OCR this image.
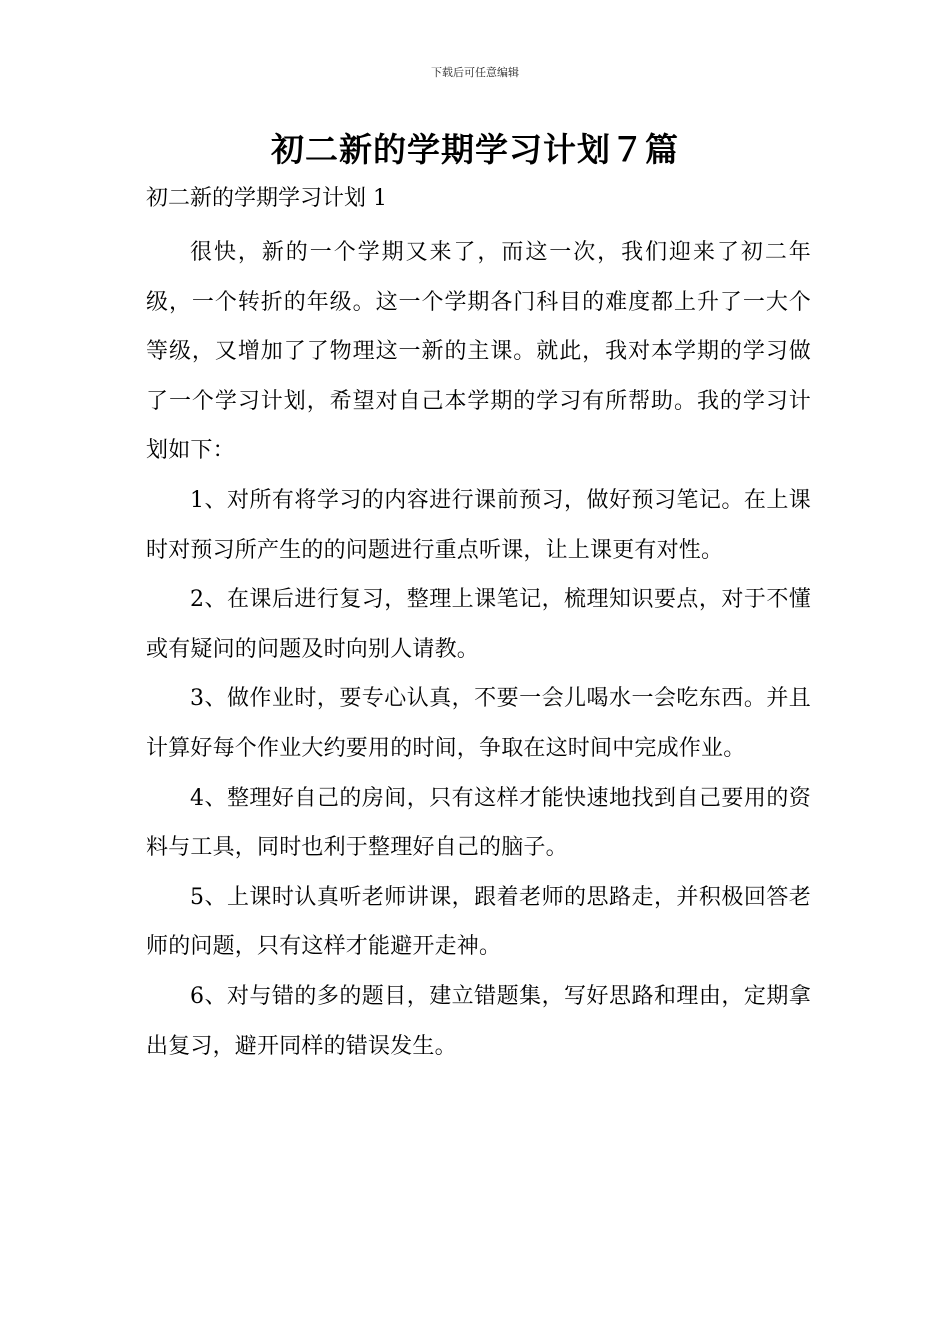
下载后可任意编辑
初二新的学期学习计划７篇
初二新的学期学习计划 1

很快，新的一个学期又来了，而这一次，我们迎来了初二年级，一个转折的年级。这一个学期各门科目的难度都上升了一大个等级，又增加了了物理这一新的主课。就此，我对本学期的学习做了一个学习计划，希望对自己本学期的学习有所帮助。我的学习计划如下：

1、对所有将学习的内容进行课前预习，做好预习笔记。在上课时对预习所产生的的问题进行重点听课，让上课更有对性。

2、在课后进行复习，整理上课笔记，梳理知识要点，对于不懂或有疑问的问题及时向别人请教。

3、做作业时，要专心认真，不要一会儿喝水一会吃东西。并且计算好每个作业大约要用的时间，争取在这时间中完成作业。

4、整理好自己的房间，只有这样才能快速地找到自己要用的资料与工具，同时也利于整理好自己的脑子。

5、上课时认真听老师讲课，跟着老师的思路走，并积极回答老师的问题，只有这样才能避开走神。

6、对与错的多的题目，建立错题集，写好思路和理由，定期拿出复习，避开同样的错误发生。
